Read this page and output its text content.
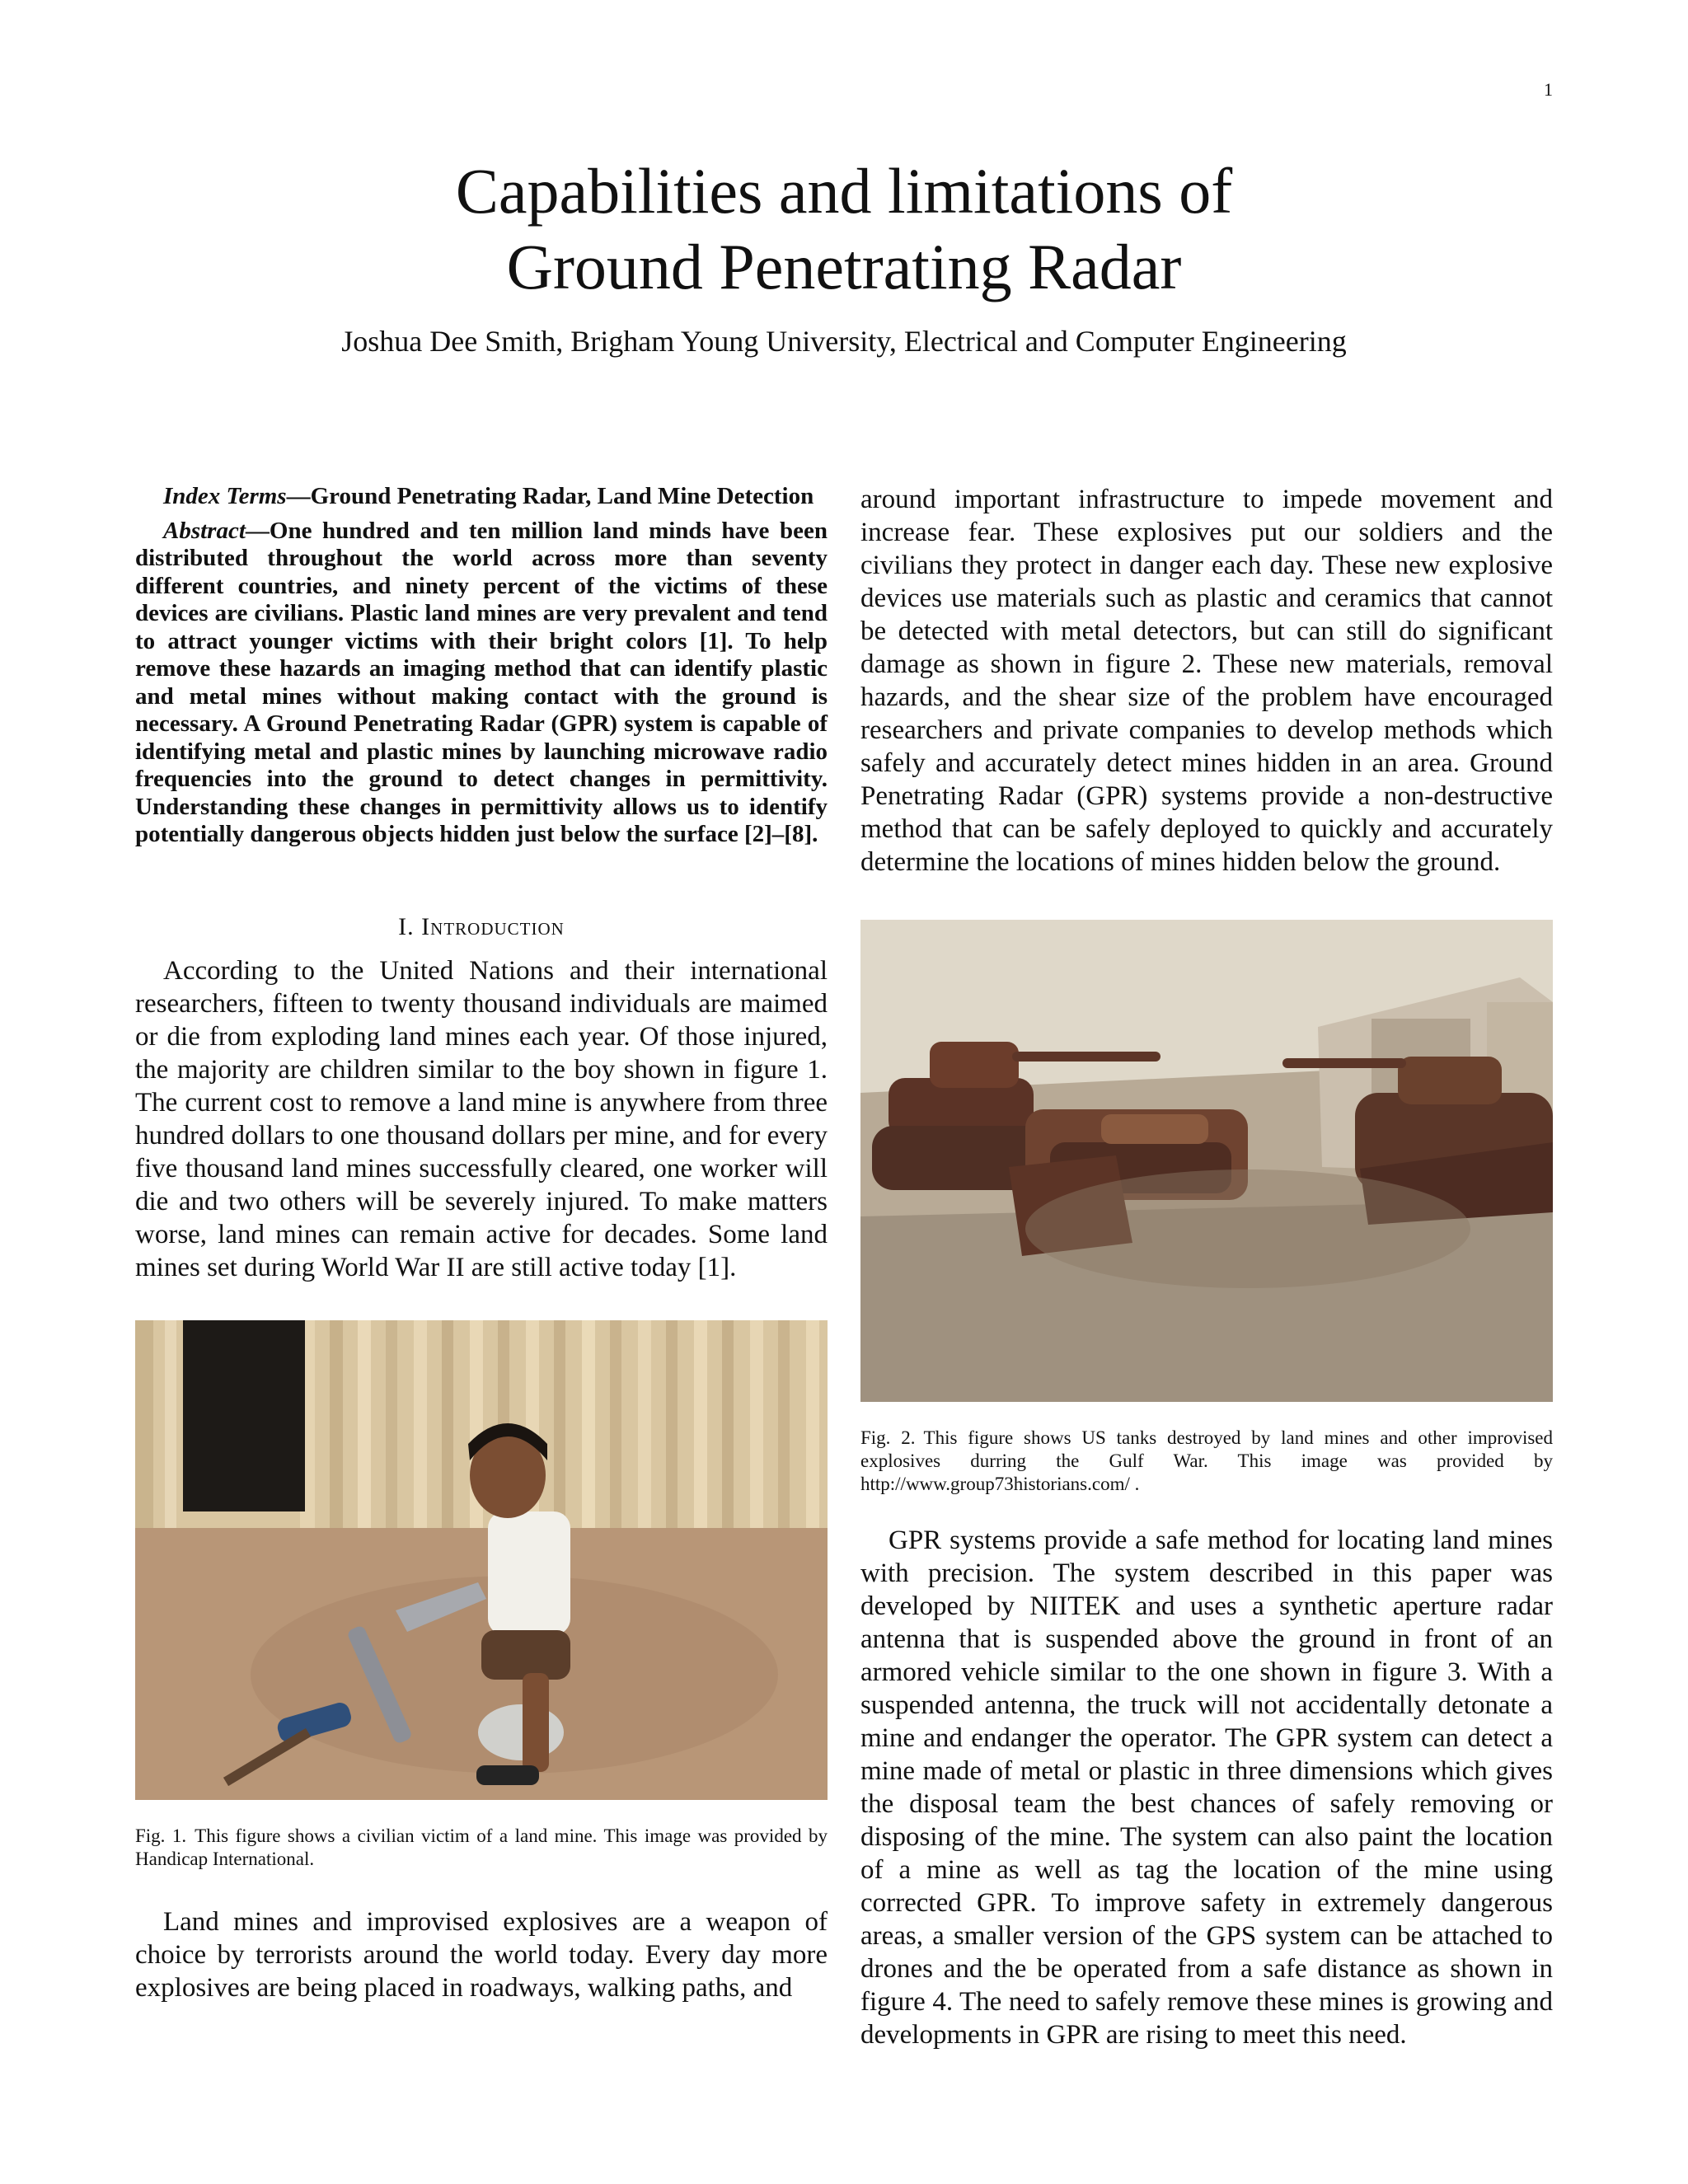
1
Capabilities and limitations of
Ground Penetrating Radar
Joshua Dee Smith, Brigham Young University, Electrical and Computer Engineering

Index Terms—Ground Penetrating Radar, Land Mine Detection

Abstract—One hundred and ten million land minds have been distributed throughout the world across more than seventy different countries, and ninety percent of the victims of these devices are civilians. Plastic land mines are very prevalent and tend to attract younger victims with their bright colors [1]. To help remove these hazards an imaging method that can identify plastic and metal mines without making contact with the ground is necessary. A Ground Penetrating Radar (GPR) system is capable of identifying metal and plastic mines by launching microwave radio frequencies into the ground to detect changes in permittivity. Understanding these changes in permittivity allows us to identify potentially dangerous objects hidden just below the surface [2]–[8].

I. Introduction

According to the United Nations and their international researchers, fifteen to twenty thousand individuals are maimed or die from exploding land mines each year. Of those injured, the majority are children similar to the boy shown in figure 1. The current cost to remove a land mine is anywhere from three hundred dollars to one thousand dollars per mine, and for every five thousand land mines successfully cleared, one worker will die and two others will be severely injured. To make matters worse, land mines can remain active for decades. Some land mines set during World War II are still active today [1].

Fig. 1. This figure shows a civilian victim of a land mine. This image was provided by Handicap International.

Land mines and improvised explosives are a weapon of choice by terrorists around the world today. Every day more explosives are being placed in roadways, walking paths, and

around important infrastructure to impede movement and increase fear. These explosives put our soldiers and the civilians they protect in danger each day. These new explosive devices use materials such as plastic and ceramics that cannot be detected with metal detectors, but can still do significant damage as shown in figure 2. These new materials, removal hazards, and the shear size of the problem have encouraged researchers and private companies to develop methods which safely and accurately detect mines hidden in an area. Ground Penetrating Radar (GPR) systems provide a non-destructive method that can be safely deployed to quickly and accurately determine the locations of mines hidden below the ground.

Fig. 2. This figure shows US tanks destroyed by land mines and other improvised explosives durring the Gulf War. This image was provided by http://www.group73historians.com/ .

GPR systems provide a safe method for locating land mines with precision. The system described in this paper was developed by NIITEK and uses a synthetic aperture radar antenna that is suspended above the ground in front of an armored vehicle similar to the one shown in figure 3. With a suspended antenna, the truck will not accidentally detonate a mine and endanger the operator. The GPR system can detect a mine made of metal or plastic in three dimensions which gives the disposal team the best chances of safely removing or disposing of the mine. The system can also paint the location of a mine as well as tag the location of the mine using corrected GPR. To improve safety in extremely dangerous areas, a smaller version of the GPS system can be attached to drones and the be operated from a safe distance as shown in figure 4. The need to safely remove these mines is growing and developments in GPR are rising to meet this need.
